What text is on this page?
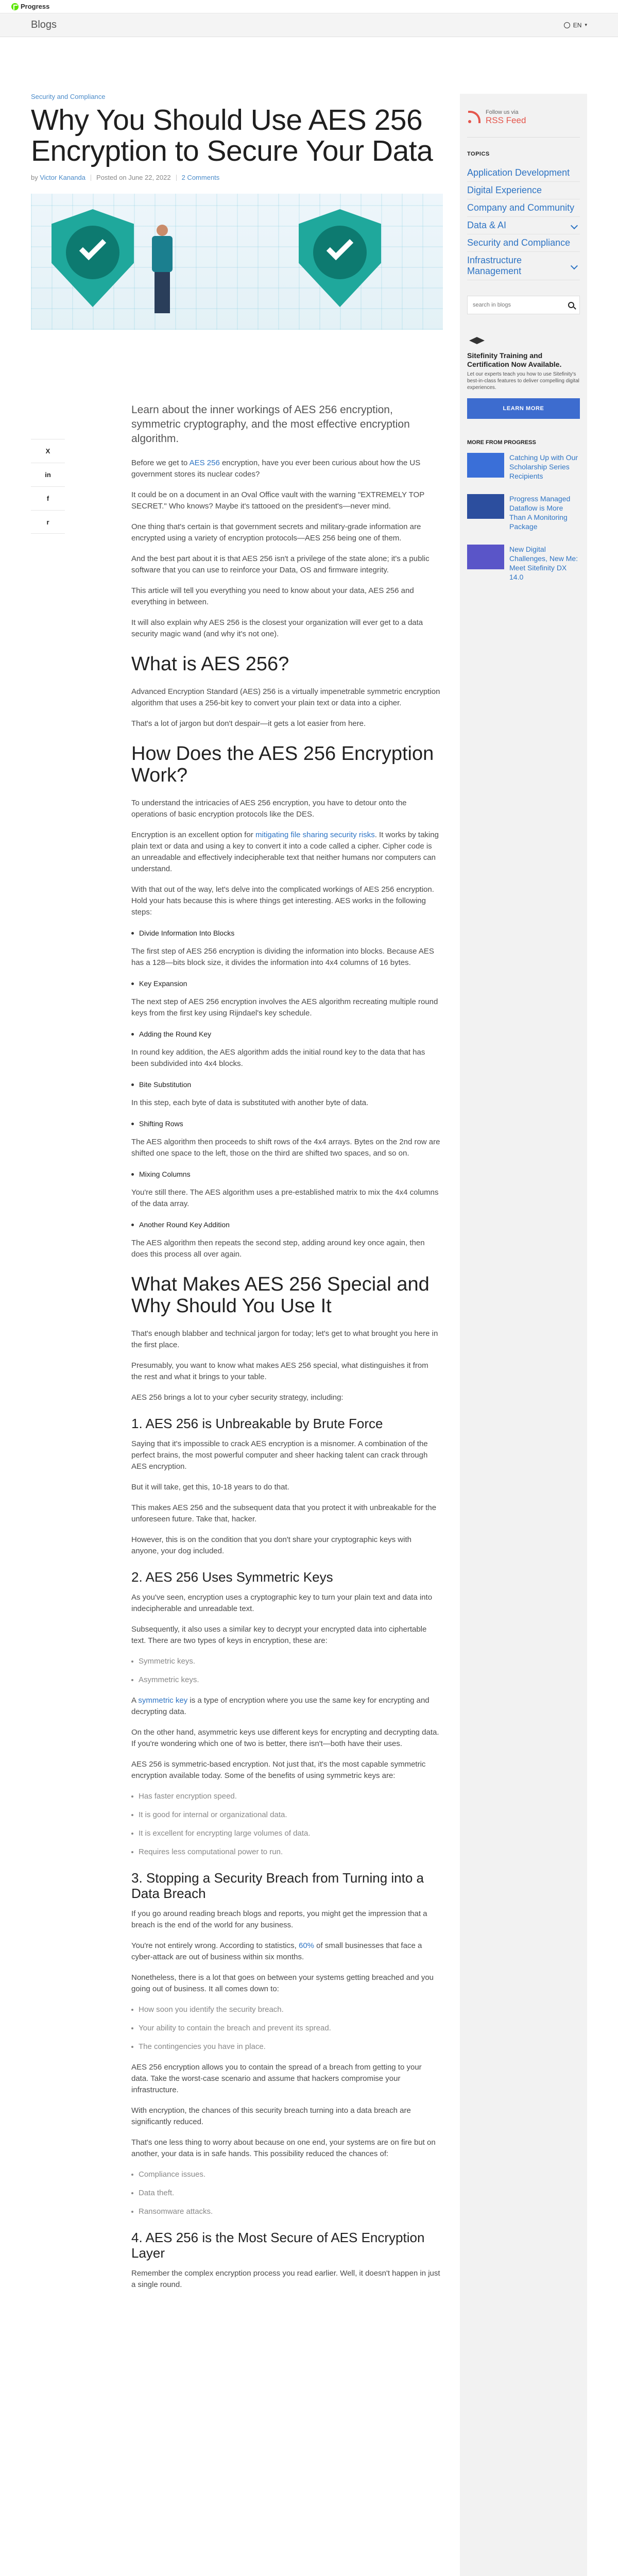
Progress
Blogs	EN ▾
Security and Compliance
Why You Should Use AES 256 Encryption to Secure Your Data
by Victor Kananda Posted on June 22, 2022 2 Comments
X
in
f
r

Learn about the inner workings of AES 256 encryption, symmetric cryptography, and the most effective encryption algorithm.

Before we get to AES 256 encryption, have you ever been curious about how the US government stores its nuclear codes?

It could be on a document in an Oval Office vault with the warning "EXTREMELY TOP SECRET." Who knows? Maybe it's tattooed on the president's—never mind.

One thing that's certain is that government secrets and military-grade information are encrypted using a variety of encryption protocols—AES 256 being one of them.

And the best part about it is that AES 256 isn't a privilege of the state alone; it's a public software that you can use to reinforce your Data, OS and firmware integrity.

This article will tell you everything you need to know about your data, AES 256 and everything in between.

It will also explain why AES 256 is the closest your organization will ever get to a data security magic wand (and why it's not one).

What is AES 256?

Advanced Encryption Standard (AES) 256 is a virtually impenetrable symmetric encryption algorithm that uses a 256-bit key to convert your plain text or data into a cipher.

That's a lot of jargon but don't despair—it gets a lot easier from here.

How Does the AES 256 Encryption Work?

To understand the intricacies of AES 256 encryption, you have to detour onto the operations of basic encryption protocols like the DES.

Encryption is an excellent option for mitigating file sharing security risks. It works by taking plain text or data and using a key to convert it into a code called a cipher. Cipher code is an unreadable and effectively indecipherable text that neither humans nor computers can understand.

With that out of the way, let's delve into the complicated workings of AES 256 encryption. Hold your hats because this is where things get interesting. AES works in the following steps:

Divide Information Into Blocks

The first step of AES 256 encryption is dividing the information into blocks. Because AES has a 128—bits block size, it divides the information into 4x4 columns of 16 bytes.

Key Expansion

The next step of AES 256 encryption involves the AES algorithm recreating multiple round keys from the first key using Rijndael's key schedule.

Adding the Round Key

In round key addition, the AES algorithm adds the initial round key to the data that has been subdivided into 4x4 blocks.

Bite Substitution

In this step, each byte of data is substituted with another byte of data.

Shifting Rows

The AES algorithm then proceeds to shift rows of the 4x4 arrays. Bytes on the 2nd row are shifted one space to the left, those on the third are shifted two spaces, and so on.

Mixing Columns

You're still there. The AES algorithm uses a pre-established matrix to mix the 4x4 columns of the data array.

Another Round Key Addition

The AES algorithm then repeats the second step, adding around key once again, then does this process all over again.

What Makes AES 256 Special and Why Should You Use It

That's enough blabber and technical jargon for today; let's get to what brought you here in the first place.

Presumably, you want to know what makes AES 256 special, what distinguishes it from the rest and what it brings to your table.

AES 256 brings a lot to your cyber security strategy, including:

1. AES 256 is Unbreakable by Brute Force

Saying that it's impossible to crack AES encryption is a misnomer. A combination of the perfect brains, the most powerful computer and sheer hacking talent can crack through AES encryption.

But it will take, get this, 10-18 years to do that.

This makes AES 256 and the subsequent data that you protect it with unbreakable for the unforeseen future. Take that, hacker.

However, this is on the condition that you don't share your cryptographic keys with anyone, your dog included.

2. AES 256 Uses Symmetric Keys

As you've seen, encryption uses a cryptographic key to turn your plain text and data into indecipherable and unreadable text.

Subsequently, it also uses a similar key to decrypt your encrypted data into ciphertable text. There are two types of keys in encryption, these are:

Symmetric keys.
Asymmetric keys.

A symmetric key is a type of encryption where you use the same key for encrypting and decrypting data.

On the other hand, asymmetric keys use different keys for encrypting and decrypting data. If you're wondering which one of two is better, there isn't—both have their uses.

AES 256 is symmetric-based encryption. Not just that, it's the most capable symmetric encryption available today. Some of the benefits of using symmetric keys are:

Has faster encryption speed.
It is good for internal or organizational data.
It is excellent for encrypting large volumes of data.
Requires less computational power to run.
3. Stopping a Security Breach from Turning into a Data Breach

If you go around reading breach blogs and reports, you might get the impression that a breach is the end of the world for any business.

You're not entirely wrong. According to statistics, 60% of small businesses that face a cyber-attack are out of business within six months.

Nonetheless, there is a lot that goes on between your systems getting breached and you going out of business. It all comes down to:

How soon you identify the security breach.
Your ability to contain the breach and prevent its spread.
The contingencies you have in place.

AES 256 encryption allows you to contain the spread of a breach from getting to your data. Take the worst-case scenario and assume that hackers compromise your infrastructure.

With encryption, the chances of this security breach turning into a data breach are significantly reduced.

That's one less thing to worry about because on one end, your systems are on fire but on another, your data is in safe hands. This possibility reduced the chances of:

Compliance issues.
Data theft.
Ransomware attacks.
4. AES 256 is the Most Secure of AES Encryption Layer

Remember the complex encryption process you read earlier. Well, it doesn't happen in just a single round.

Follow us via
RSS Feed
TOPICS
Application Development
Digital Experience
Company and Community
Data & AI
Security and Compliance
Infrastructure Management
search in blogs
Sitefinity Training and Certification Now Available.

Let our experts teach you how to use Sitefinity's best-in-class features to deliver compelling digital experiences.

LEARN MORE
MORE FROM PROGRESS
Catching Up with Our Scholarship Series Recipients
Progress Managed Dataflow is More Than A Monitoring Package
New Digital Challenges, New Me: Meet Sitefinity DX 14.0
